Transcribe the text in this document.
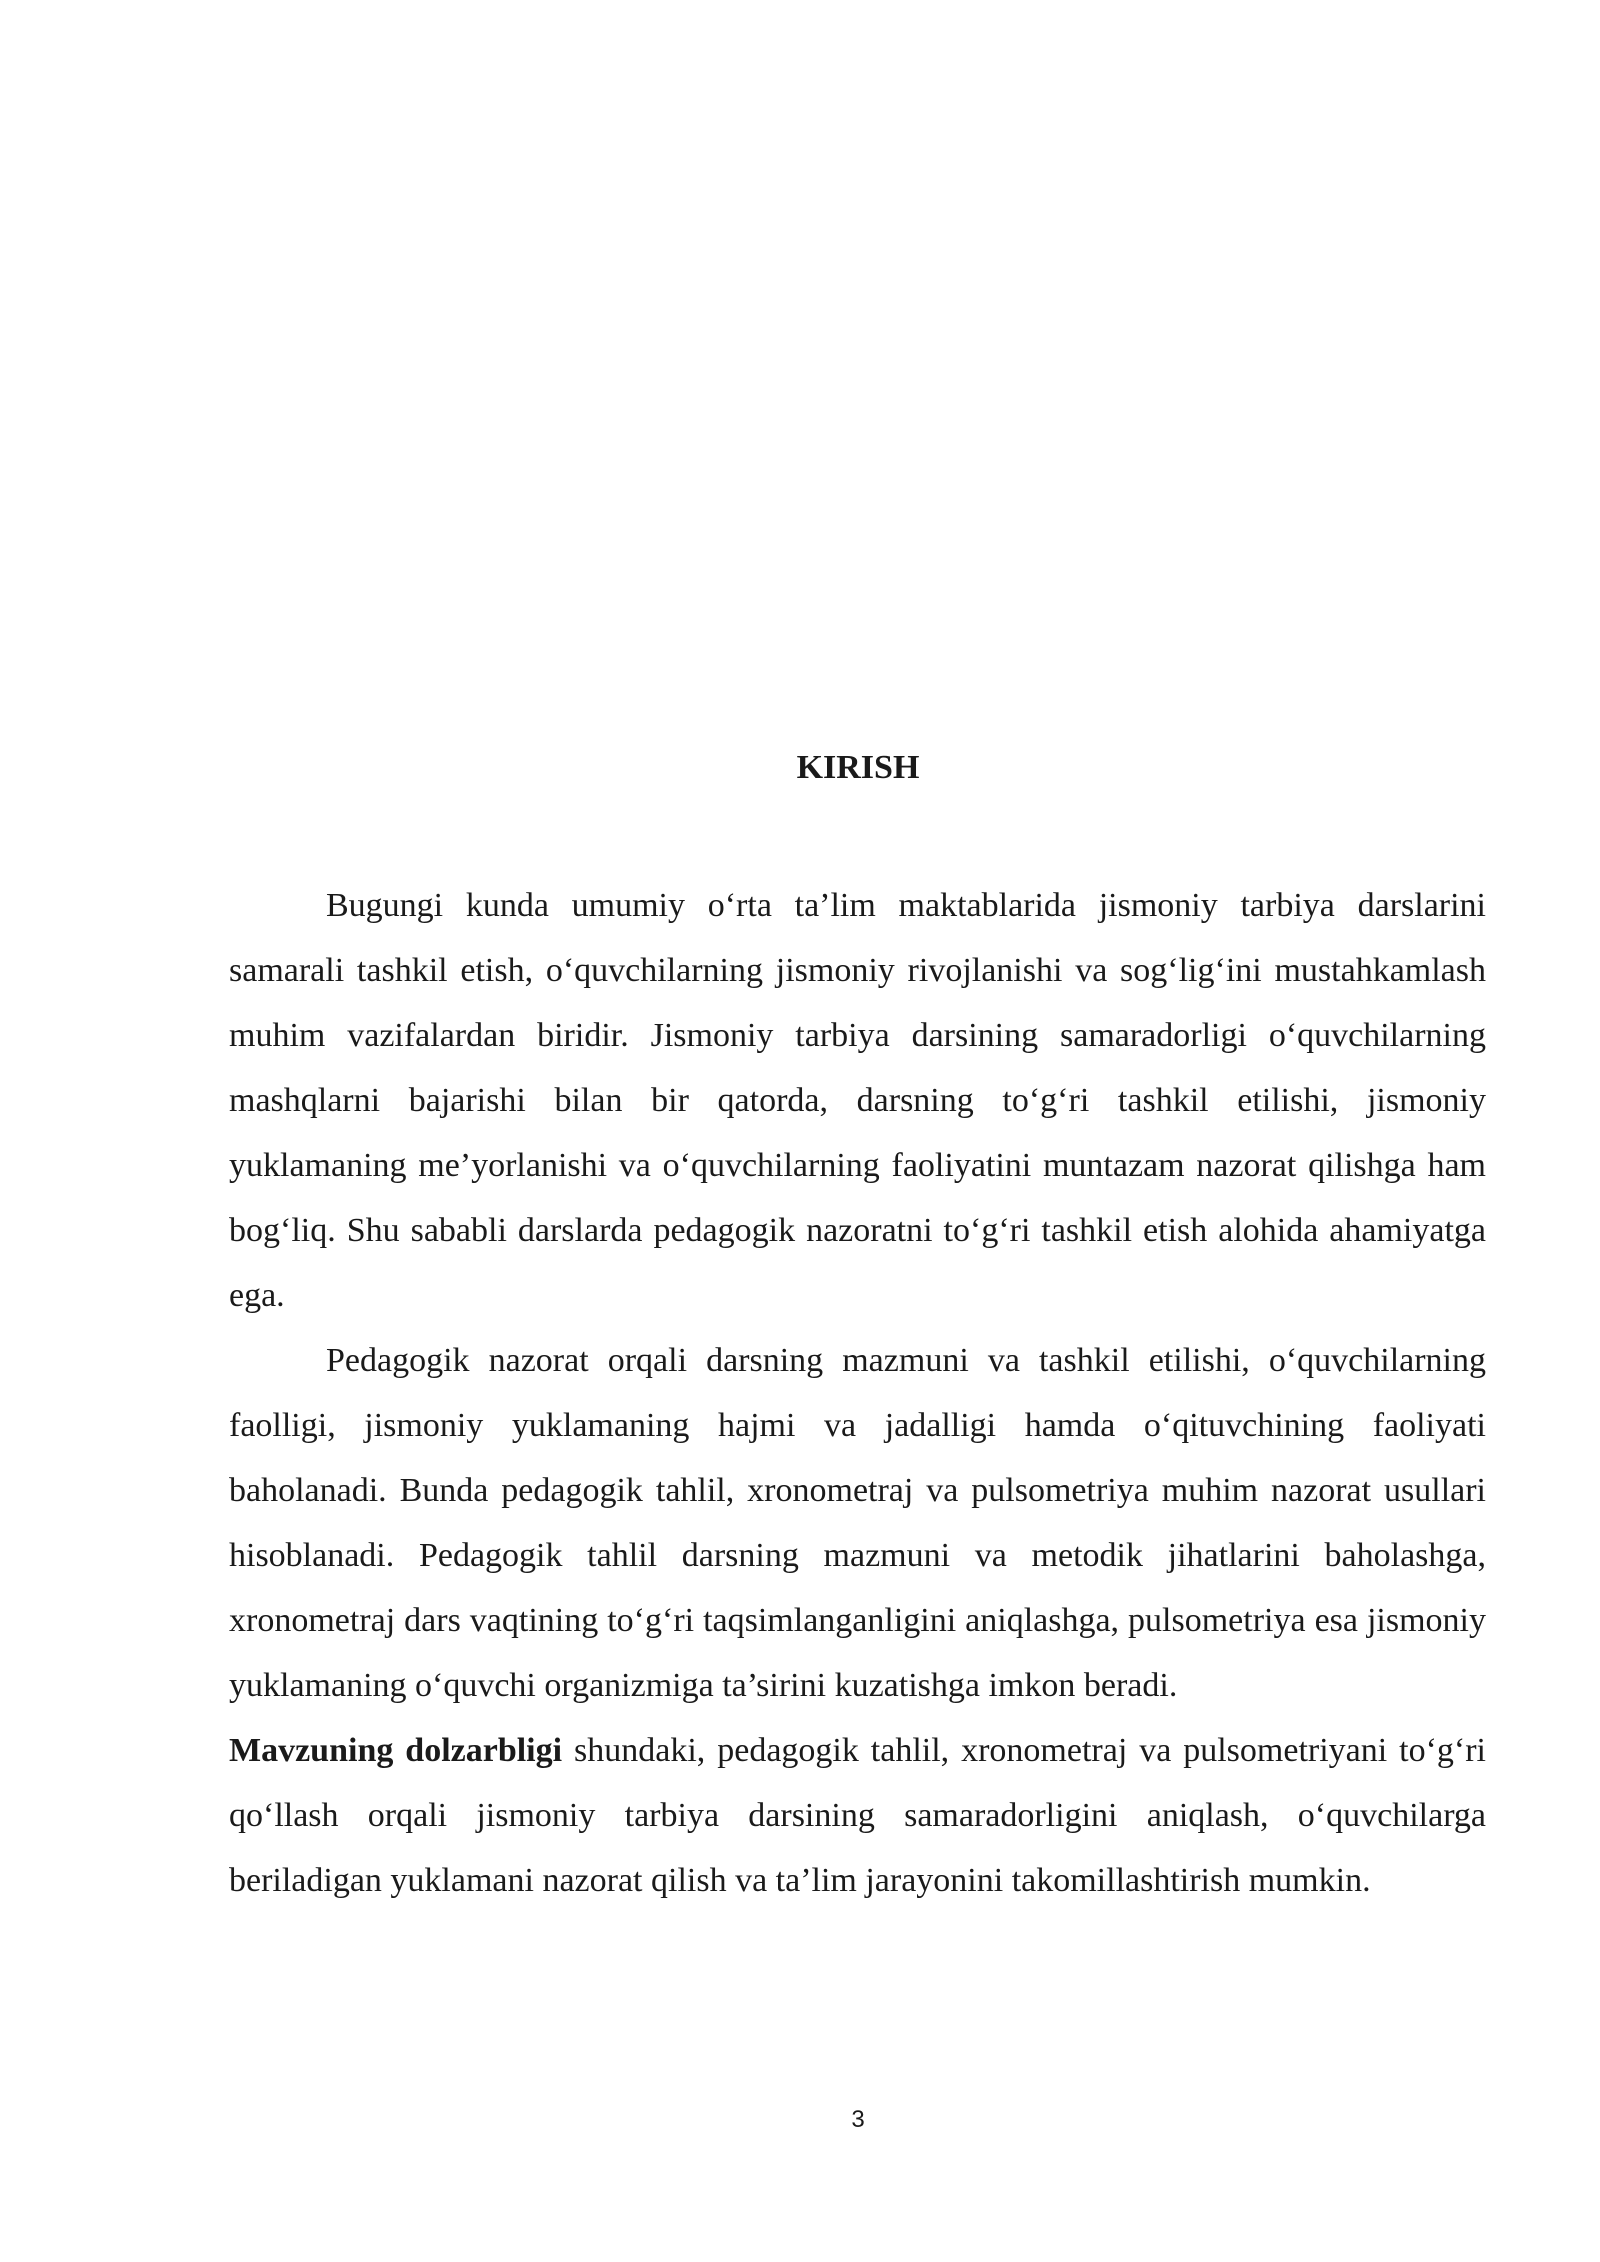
KIRISH

Bugungi kunda umumiy o‘rta ta’lim maktablarida jismoniy tarbiya darslarini samarali tashkil etish, o‘quvchilarning jismoniy rivojlanishi va sog‘lig‘ini mustahkamlash muhim vazifalardan biridir. Jismoniy tarbiya darsining samaradorligi o‘quvchilarning mashqlarni bajarishi bilan bir qatorda, darsning to‘g‘ri tashkil etilishi, jismoniy yuklamaning me’yorlanishi va o‘quvchilarning faoliyatini muntazam nazorat qilishga ham bog‘liq. Shu sababli darslarda pedagogik nazoratni to‘g‘ri tashkil etish alohida ahamiyatga ega.

Pedagogik nazorat orqali darsning mazmuni va tashkil etilishi, o‘quvchilarning faolligi, jismoniy yuklamaning hajmi va jadalligi hamda o‘qituvchining faoliyati baholanadi. Bunda pedagogik tahlil, xronometraj va pulsometriya muhim nazorat usullari hisoblanadi. Pedagogik tahlil darsning mazmuni va metodik jihatlarini baholashga, xronometraj dars vaqtining to‘g‘ri taqsimlanganligini aniqlashga, pulsometriya esa jismoniy yuklamaning o‘quvchi organizmiga ta’sirini kuzatishga imkon beradi.

Mavzuning dolzarbligi shundaki, pedagogik tahlil, xronometraj va pulsometriyani to‘g‘ri qo‘llash orqali jismoniy tarbiya darsining samaradorligini aniqlash, o‘quvchilarga beriladigan yuklamani nazorat qilish va ta’lim jarayonini takomillashtirish mumkin.

3
